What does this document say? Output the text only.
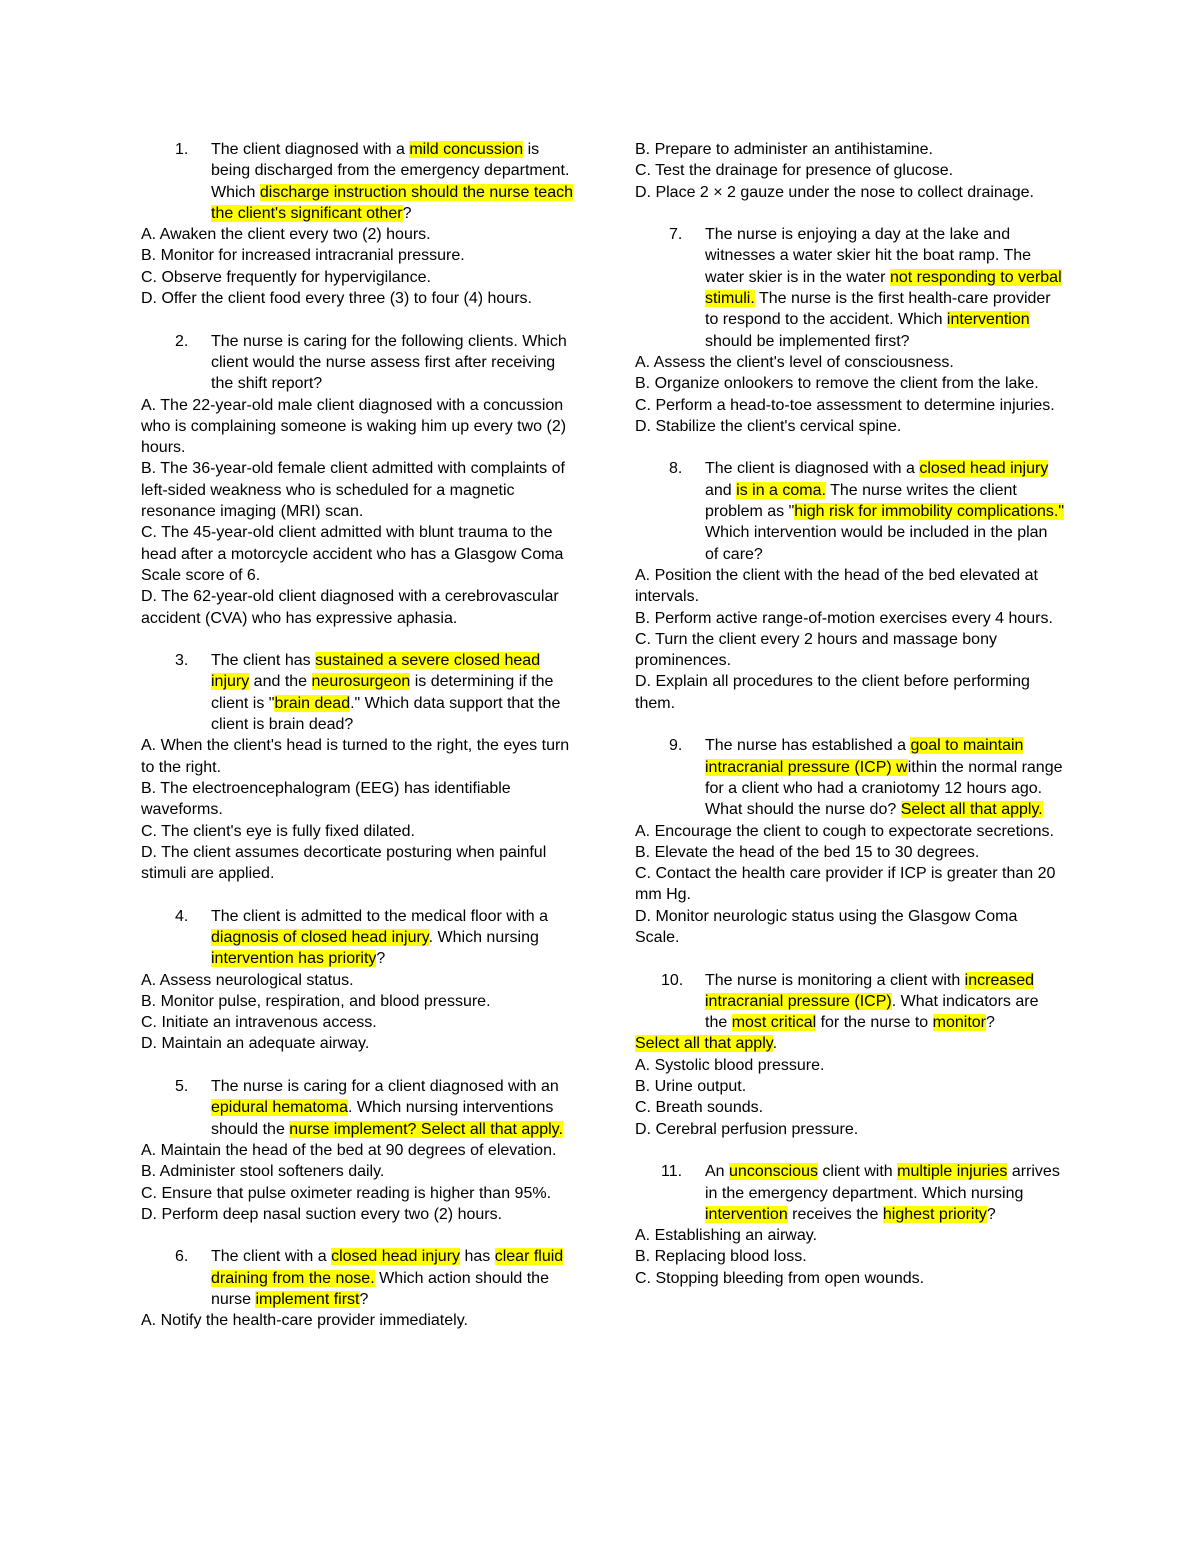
1. The client diagnosed with a mild concussion is being discharged from the emergency department. Which discharge instruction should the nurse teach the client's significant other?
A. Awaken the client every two (2) hours.
B. Monitor for increased intracranial pressure.
C. Observe frequently for hypervigilance.
D. Offer the client food every three (3) to four (4) hours.
2. The nurse is caring for the following clients. Which client would the nurse assess first after receiving the shift report?
A. The 22-year-old male client diagnosed with a concussion who is complaining someone is waking him up every two (2) hours.
B. The 36-year-old female client admitted with complaints of left-sided weakness who is scheduled for a magnetic resonance imaging (MRI) scan.
C. The 45-year-old client admitted with blunt trauma to the head after a motorcycle accident who has a Glasgow Coma Scale score of 6.
D. The 62-year-old client diagnosed with a cerebrovascular accident (CVA) who has expressive aphasia.
3. The client has sustained a severe closed head injury and the neurosurgeon is determining if the client is "brain dead." Which data support that the client is brain dead?
A. When the client's head is turned to the right, the eyes turn to the right.
B. The electroencephalogram (EEG) has identifiable waveforms.
C. The client's eye is fully fixed dilated.
D. The client assumes decorticate posturing when painful stimuli are applied.
4. The client is admitted to the medical floor with a diagnosis of closed head injury. Which nursing intervention has priority?
A. Assess neurological status.
B. Monitor pulse, respiration, and blood pressure.
C. Initiate an intravenous access.
D. Maintain an adequate airway.
5. The nurse is caring for a client diagnosed with an epidural hematoma. Which nursing interventions should the nurse implement? Select all that apply.
A. Maintain the head of the bed at 90 degrees of elevation.
B. Administer stool softeners daily.
C. Ensure that pulse oximeter reading is higher than 95%.
D. Perform deep nasal suction every two (2) hours.
6. The client with a closed head injury has clear fluid draining from the nose. Which action should the nurse implement first?
A. Notify the health-care provider immediately.
B. Prepare to administer an antihistamine.
C. Test the drainage for presence of glucose.
D. Place 2 × 2 gauze under the nose to collect drainage.
7. The nurse is enjoying a day at the lake and witnesses a water skier hit the boat ramp. The water skier is in the water not responding to verbal stimuli. The nurse is the first health-care provider to respond to the accident. Which intervention should be implemented first?
A. Assess the client's level of consciousness.
B. Organize onlookers to remove the client from the lake.
C. Perform a head-to-toe assessment to determine injuries.
D. Stabilize the client's cervical spine.
8. The client is diagnosed with a closed head injury and is in a coma. The nurse writes the client problem as "high risk for immobility complications." Which intervention would be included in the plan of care?
A. Position the client with the head of the bed elevated at intervals.
B. Perform active range-of-motion exercises every 4 hours.
C. Turn the client every 2 hours and massage bony prominences.
D. Explain all procedures to the client before performing them.
9. The nurse has established a goal to maintain intracranial pressure (ICP) within the normal range for a client who had a craniotomy 12 hours ago. What should the nurse do? Select all that apply.
A. Encourage the client to cough to expectorate secretions.
B. Elevate the head of the bed 15 to 30 degrees.
C. Contact the health care provider if ICP is greater than 20 mm Hg.
D. Monitor neurologic status using the Glasgow Coma Scale.
10. The nurse is monitoring a client with increased intracranial pressure (ICP). What indicators are the most critical for the nurse to monitor?
Select all that apply.
A. Systolic blood pressure.
B. Urine output.
C. Breath sounds.
D. Cerebral perfusion pressure.
11. An unconscious client with multiple injuries arrives in the emergency department. Which nursing intervention receives the highest priority?
A. Establishing an airway.
B. Replacing blood loss.
C. Stopping bleeding from open wounds.
